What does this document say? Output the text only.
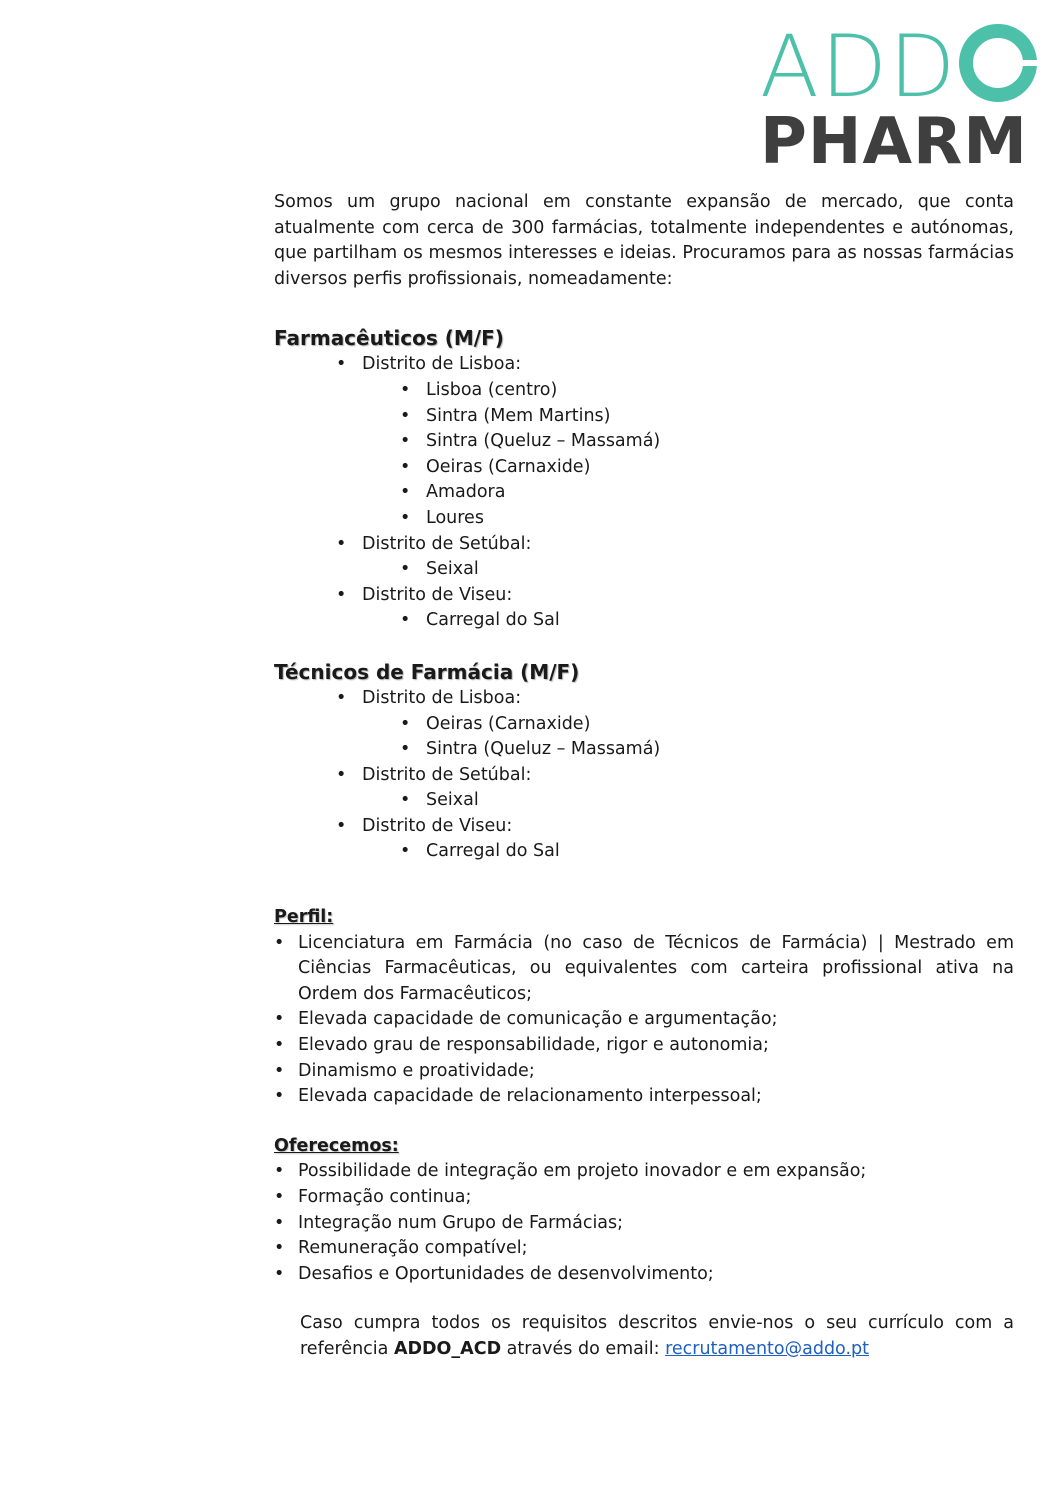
ADD
PHARM

Somos um grupo nacional em constante expansão de mercado, que conta atualmente com cerca de 300 farmácias, totalmente independentes e autónomas, que partilham os mesmos interesses e ideias. Procuramos para as nossas farmácias diversos perfis profissionais, nomeadamente:

Farmacêuticos (M/F)
• Distrito de Lisboa:
• Lisboa (centro)
• Sintra (Mem Martins)
• Sintra (Queluz – Massamá)
• Oeiras (Carnaxide)
• Amadora
• Loures
• Distrito de Setúbal:
• Seixal
• Distrito de Viseu:
• Carregal do Sal
Técnicos de Farmácia (M/F)
• Distrito de Lisboa:
• Oeiras (Carnaxide)
• Sintra (Queluz – Massamá)
• Distrito de Setúbal:
• Seixal
• Distrito de Viseu:
• Carregal do Sal
Perfil:
• Licenciatura em Farmácia (no caso de Técnicos de Farmácia) | Mestrado em Ciências Farmacêuticas, ou equivalentes com carteira profissional ativa na Ordem dos Farmacêuticos;
• Elevada capacidade de comunicação e argumentação;
• Elevado grau de responsabilidade, rigor e autonomia;
• Dinamismo e proatividade;
• Elevada capacidade de relacionamento interpessoal;
Oferecemos:
• Possibilidade de integração em projeto inovador e em expansão;
• Formação continua;
• Integração num Grupo de Farmácias;
• Remuneração compatível;
• Desafios e Oportunidades de desenvolvimento;

Caso cumpra todos os requisitos descritos envie-nos o seu currículo com a referência ADDO_ACD através do email: recrutamento@addo.pt
